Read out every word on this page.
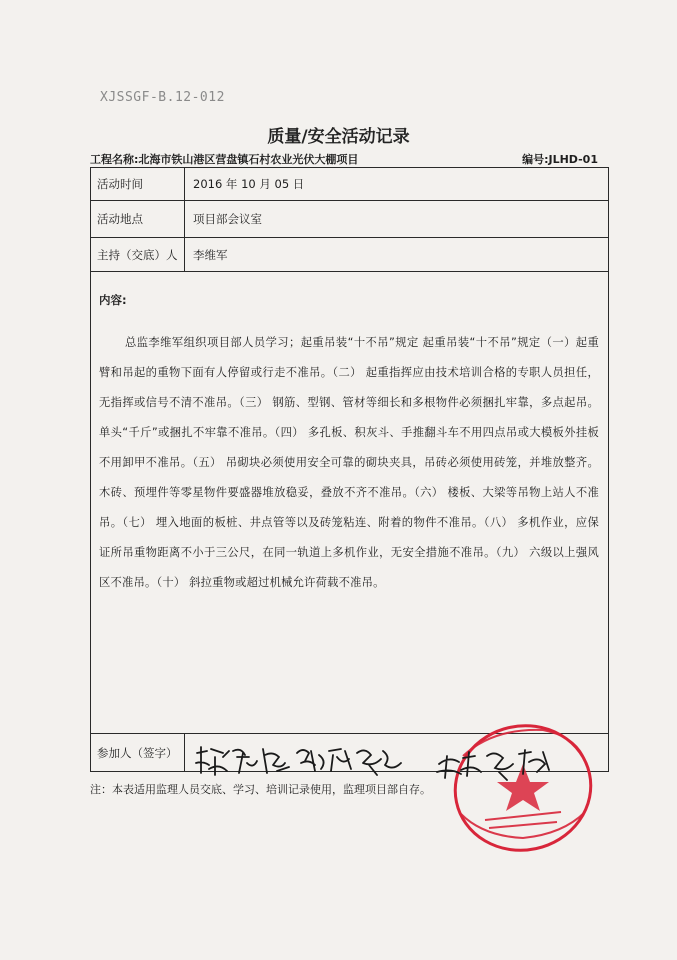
XJSSGF-B.12-012
质量/安全活动记录
工程名称:北海市铁山港区营盘镇石村农业光伏大棚项目	编号:JLHD-01
活动时间	2016 年 10 月 05 日
活动地点	项目部会议室
主持（交底）人	李维军
内容:
总监李维军组织项目部人员学习；起重吊装“十不吊”规定 起重吊装“十不吊”规定（一）起重臂和吊起的重物下面有人停留或行走不准吊。（二） 起重指挥应由技术培训合格的专职人员担任，无指挥或信号不清不准吊。（三） 钢筋、型钢、管材等细长和多根物件必须捆扎牢靠，多点起吊。单头“千斤”或捆扎不牢靠不准吊。（四） 多孔板、积灰斗、手推翻斗车不用四点吊或大模板外挂板不用卸甲不准吊。（五） 吊砌块必须使用安全可靠的砌块夹具，吊砖必须使用砖笼，并堆放整齐。木砖、预埋件等零星物件要盛器堆放稳妥，叠放不齐不准吊。（六） 楼板、大梁等吊物上站人不准吊。（七） 埋入地面的板桩、井点管等以及砖笼粘连、附着的物件不准吊。（八） 多机作业，应保证所吊重物距离不小于三公尺，在同一轨道上多机作业，无安全措施不准吊。（九） 六级以上强风区不准吊。（十） 斜拉重物或超过机械允许荷载不准吊。
参加人（签字）
注：本表适用监理人员交底、学习、培训记录使用，监理项目部自存。
